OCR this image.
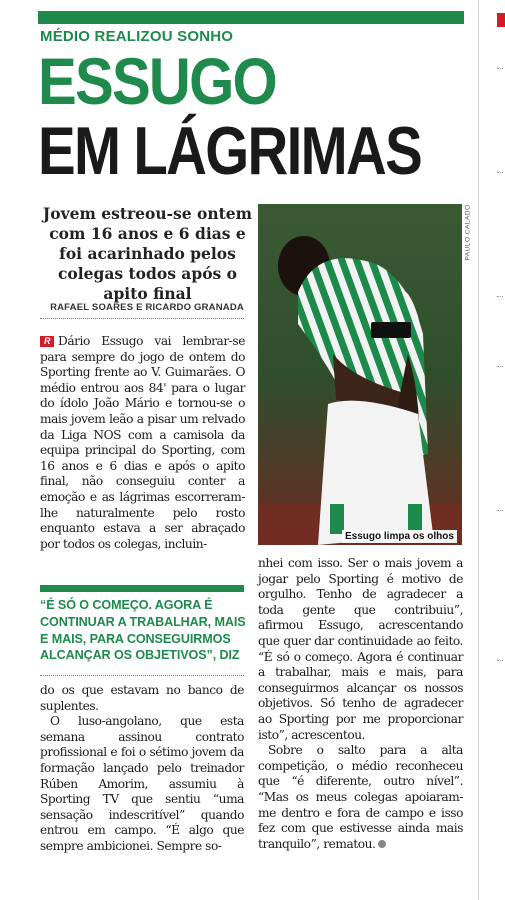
MÉDIO REALIZOU SONHO
ESSUGO
EM LÁGRIMAS
Jovem estreou-se ontem com 16 anos e 6 dias e foi acarinhado pelos colegas todos após o apito final
RAFAEL SOARES E RICARDO GRANADA
PAULO CALADO
Essugo limpa os olhos

R Dário Essugo vai lembrar-se para sempre do jogo de ontem do Sporting frente ao V. Guimarães. O médio entrou aos 84' para o lugar do ídolo João Mário e tornou-se o mais jovem leão a pisar um relvado da Liga NOS com a camisola da equipa principal do Sporting, com 16 anos e 6 dias e após o apito final, não conseguiu conter a emoção e as lágrimas escorreram-lhe naturalmente pelo rosto enquanto estava a ser abraçado por todos os colegas, incluin-

“É SÓ O COMEÇO. AGORA É CONTINUAR A TRABALHAR, MAIS E MAIS, PARA CONSEGUIRMOS ALCANÇAR OS OBJETIVOS”, DIZ

do os que estavam no banco de suplentes.

O luso-angolano, que esta semana assinou contrato profissional e foi o sétimo jovem da formação lançado pelo treinador Rúben Amorim, assumiu à Sporting TV que sentiu “uma sensação indescritível” quando entrou em campo. “É algo que sempre ambicionei. Sempre so-

nhei com isso. Ser o mais jovem a jogar pelo Sporting é motivo de orgulho. Tenho de agradecer a toda gente que contribuiu”, afirmou Essugo, acrescentando que quer dar continuidade ao feito. “É só o começo. Agora é continuar a trabalhar, mais e mais, para conseguirmos alcançar os nossos objetivos. Só tenho de agradecer ao Sporting por me proporcionar isto”, acrescentou.

Sobre o salto para a alta competição, o médio reconheceu que “é diferente, outro nível”. “Mas os meus colegas apoiaram-me dentro e fora de campo e isso fez com que estivesse ainda mais tranquilo”, rematou.
